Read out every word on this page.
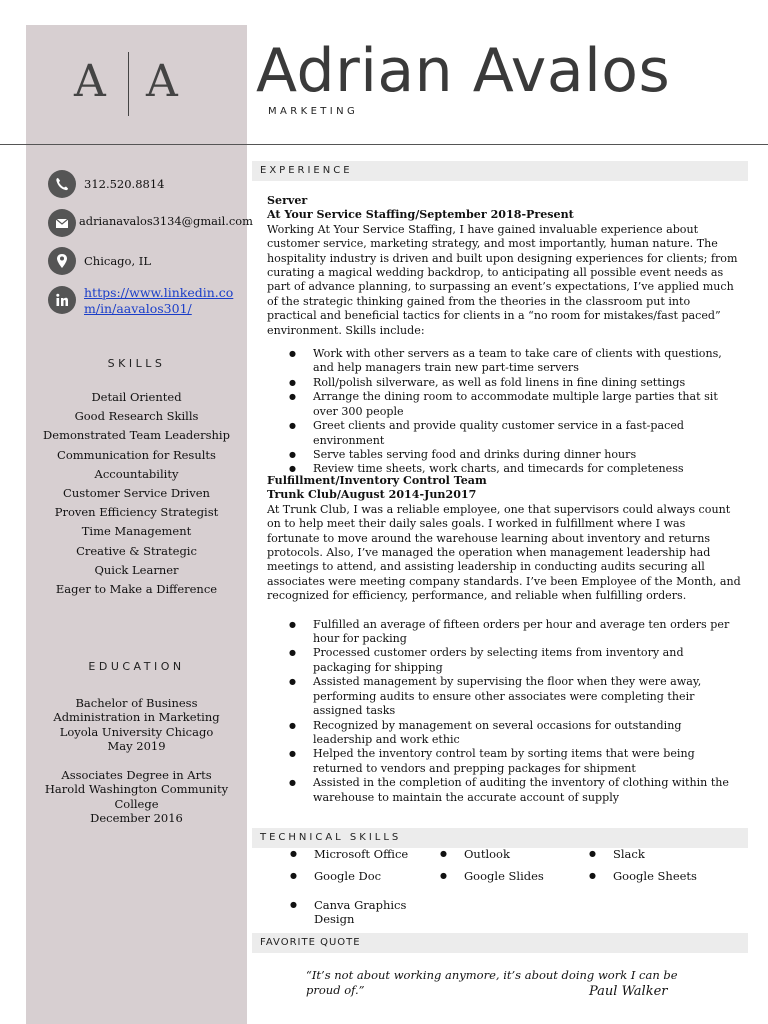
A A Adrian Avalos
MARKETING
312.520.8814
adrianavalos3134@gmail.com
Chicago, IL
https://www.linkedin.com/in/aavalos301/
SKILLS
Detail Oriented
Good Research Skills
Demonstrated Team Leadership
Communication for Results
Accountability
Customer Service Driven
Proven Efficiency Strategist
Time Management
Creative & Strategic
Quick Learner
Eager to Make a Difference
EDUCATION
Bachelor of Business
Administration in Marketing
Loyola University Chicago
May 2019
Associates Degree in Arts
Harold Washington Community
College
December 2016
EXPERIENCE
Server
At Your Service Staffing/September 2018-Present
Working At Your Service Staffing, I have gained invaluable experience about customer service, marketing strategy, and most importantly, human nature. The hospitality industry is driven and built upon designing experiences for clients; from curating a magical wedding backdrop, to anticipating all possible event needs as part of advance planning, to surpassing an event’s expectations, I’ve applied much of the strategic thinking gained from the theories in the classroom put into practical and beneficial tactics for clients in a “no room for mistakes/fast paced” environment. Skills include:
● Work with other servers as a team to take care of clients with questions, and help managers train new part-time servers
● Roll/polish silverware, as well as fold linens in fine dining settings
● Arrange the dining room to accommodate multiple large parties that sit over 300 people
● Greet clients and provide quality customer service in a fast-paced environment
● Serve tables serving food and drinks during dinner hours
● Review time sheets, work charts, and timecards for completeness
Fulfillment/Inventory Control Team
Trunk Club/August 2014-Jun2017
At Trunk Club, I was a reliable employee, one that supervisors could always count on to help meet their daily sales goals. I worked in fulfillment where I was fortunate to move around the warehouse learning about inventory and returns protocols. Also, I’ve managed the operation when management leadership had meetings to attend, and assisting leadership in conducting audits securing all associates were meeting company standards. I’ve been Employee of the Month, and recognized for efficiency, performance, and reliable when fulfilling orders.
● Fulfilled an average of fifteen orders per hour and average ten orders per hour for packing
● Processed customer orders by selecting items from inventory and packaging for shipping
● Assisted management by supervising the floor when they were away, performing audits to ensure other associates were completing their assigned tasks
● Recognized by management on several occasions for outstanding leadership and work ethic
● Helped the inventory control team by sorting items that were being returned to vendors and prepping packages for shipment
● Assisted in the completion of auditing the inventory of clothing within the warehouse to maintain the accurate account of supply
TECHNICAL SKILLS
● Microsoft Office	● Outlook	● Slack
● Google Doc	● Google Slides	● Google Sheets
● Canva Graphics Design
FAVORITE QUOTE
“It’s not about working anymore, it’s about doing work I can be proud of.”	Paul Walker
